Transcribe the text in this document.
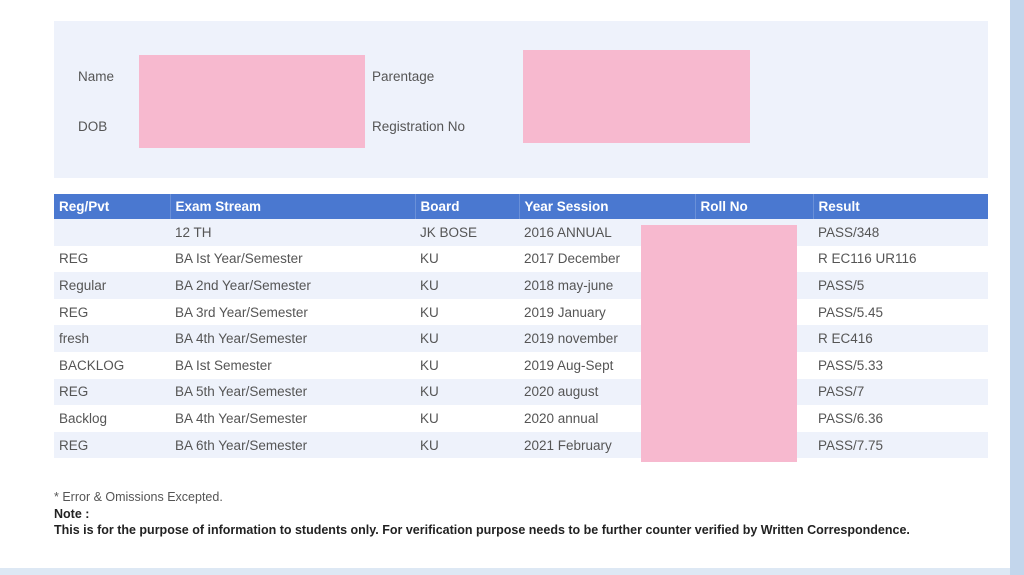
Name
DOB
Parentage
Registration No
Reg/Pvt	Exam Stream	Board	Year Session	Roll No	Result
	12 TH	JK BOSE	2016 ANNUAL		PASS/348
REG	BA Ist Year/Semester	KU	2017 December		R EC116 UR116
Regular	BA 2nd Year/Semester	KU	2018 may-june		PASS/5
REG	BA 3rd Year/Semester	KU	2019 January		PASS/5.45
fresh	BA 4th Year/Semester	KU	2019 november		R EC416
BACKLOG	BA Ist Semester	KU	2019 Aug-Sept		PASS/5.33
REG	BA 5th Year/Semester	KU	2020 august		PASS/7
Backlog	BA 4th Year/Semester	KU	2020 annual		PASS/6.36
REG	BA 6th Year/Semester	KU	2021 February		PASS/7.75
* Error & Omissions Excepted.
Note :
This is for the purpose of information to students only. For verification purpose needs to be further counter verified by Written Correspondence.
